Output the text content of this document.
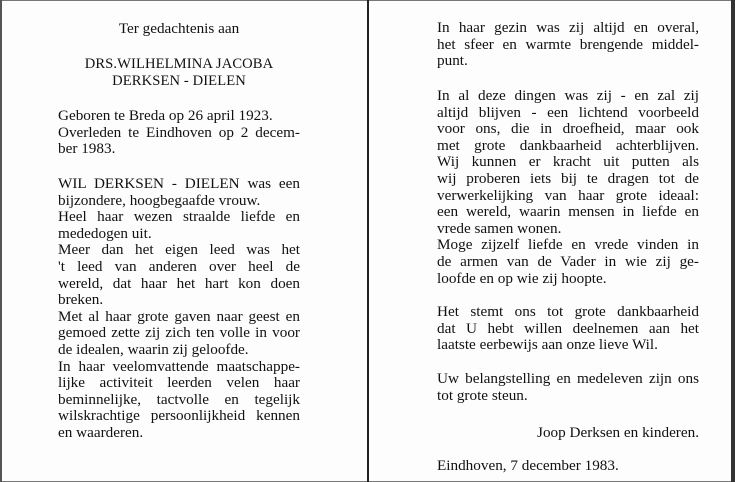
Ter gedachtenis aan
DRS.WILHELMINA JACOBA
DERKSEN - DIELEN
Geboren te Breda op 26 april 1923.
Overleden te Eindhoven op 2 decem-
ber 1983.
WIL DERKSEN - DIELEN was een
bijzondere, hoogbegaafde vrouw.
Heel haar wezen straalde liefde en
mededogen uit.
Meer dan het eigen leed was het
't leed van anderen over heel de
wereld, dat haar het hart kon doen
breken.
Met al haar grote gaven naar geest en
gemoed zette zij zich ten volle in voor
de idealen, waarin zij geloofde.
In haar veelomvattende maatschappe-
lijke activiteit leerden velen haar
beminnelijke, tactvolle en tegelijk
wilskrachtige persoonlijkheid kennen
en waarderen.
In haar gezin was zij altijd en overal,
het sfeer en warmte brengende middel-
punt.
In al deze dingen was zij - en zal zij
altijd blijven - een lichtend voorbeeld
voor ons, die in droefheid, maar ook
met grote dankbaarheid achterblijven.
Wij kunnen er kracht uit putten als
wij proberen iets bij te dragen tot de
verwerkelijking van haar grote ideaal:
een wereld, waarin mensen in liefde en
vrede samen wonen.
Moge zijzelf liefde en vrede vinden in
de armen van de Vader in wie zij ge-
loofde en op wie zij hoopte.
Het stemt ons tot grote dankbaarheid
dat U hebt willen deelnemen aan het
laatste eerbewijs aan onze lieve Wil.
Uw belangstelling en medeleven zijn ons
tot grote steun.
Joop Derksen en kinderen.
Eindhoven, 7 december 1983.
